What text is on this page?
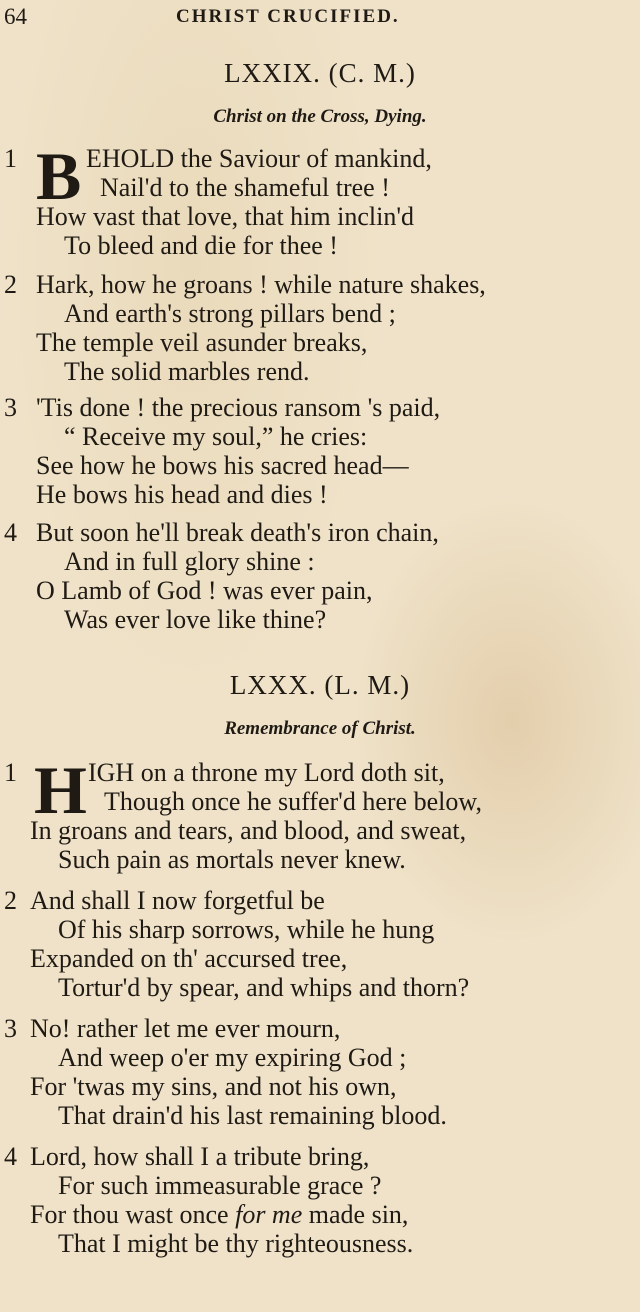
64	CHRIST CRUCIFIED.
LXXIX. (C. M.)
Christ on the Cross, Dying.
1 B EHOLD the Saviour of mankind,
Nail'd to the shameful tree !
How vast that love, that him inclin'd
To bleed and die for thee !
2 Hark, how he groans ! while nature shakes,
And earth's strong pillars bend ;
The temple veil asunder breaks,
The solid marbles rend.
3 'Tis done ! the precious ransom 's paid,
“ Receive my soul,” he cries:
See how he bows his sacred head—
He bows his head and dies !
4 But soon he'll break death's iron chain,
And in full glory shine :
O Lamb of God ! was ever pain,
Was ever love like thine?
LXXX. (L. M.)
Remembrance of Christ.
1 H IGH on a throne my Lord doth sit,
Though once he suffer'd here below,
In groans and tears, and blood, and sweat,
Such pain as mortals never knew.
2 And shall I now forgetful be
Of his sharp sorrows, while he hung
Expanded on th' accursed tree,
Tortur'd by spear, and whips and thorn?
3 No! rather let me ever mourn,
And weep o'er my expiring God ;
For 'twas my sins, and not his own,
That drain'd his last remaining blood.
4 Lord, how shall I a tribute bring,
For such immeasurable grace ?
For thou wast once for me made sin,
That I might be thy righteousness.
